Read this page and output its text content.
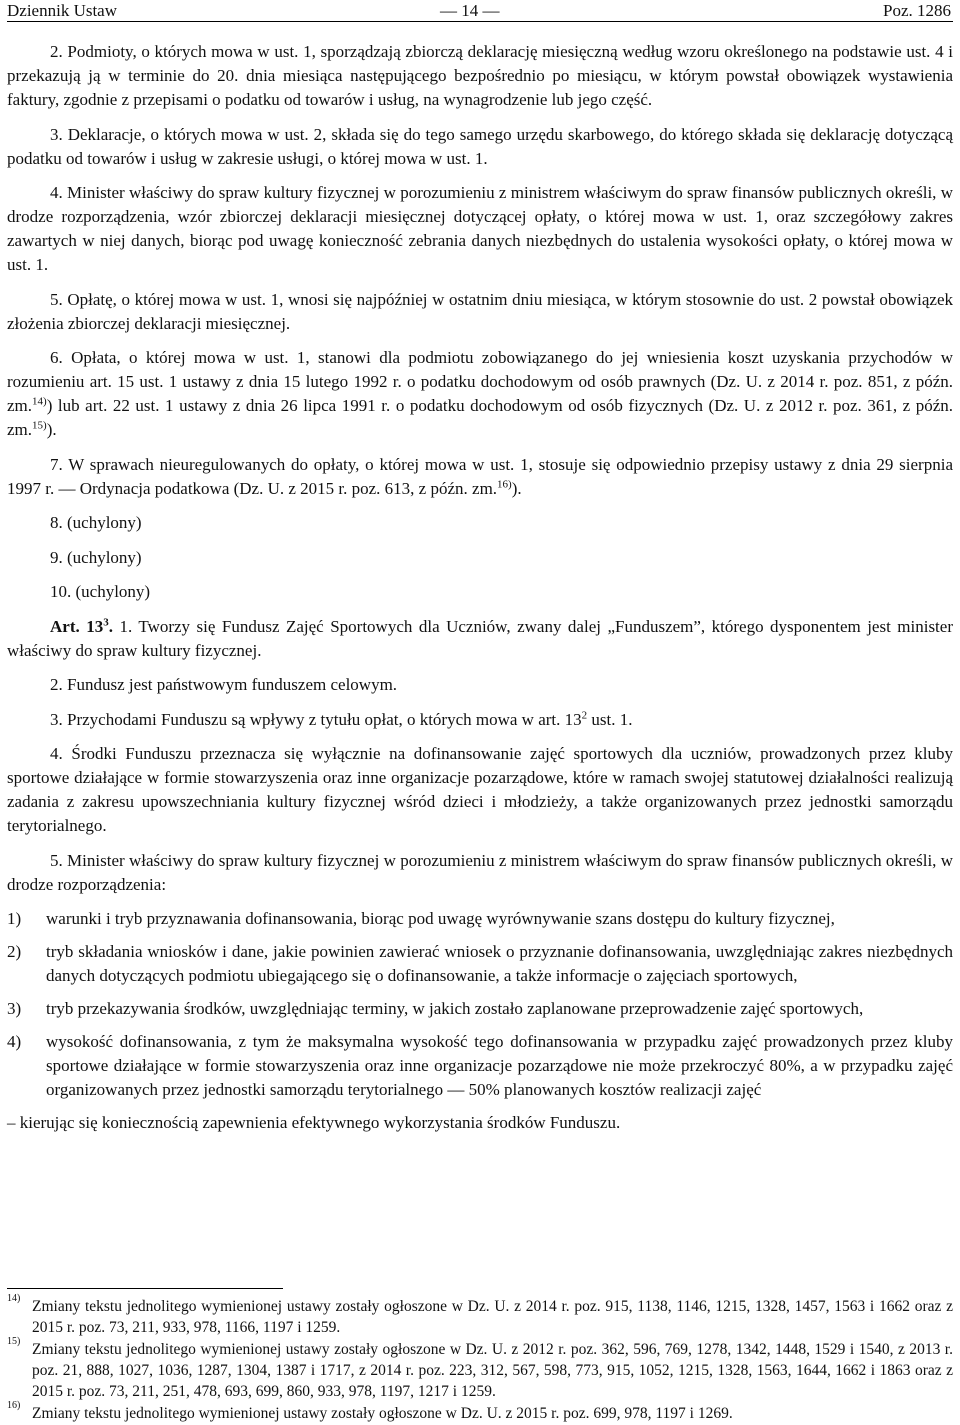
Dziennik Ustaw	— 14 —	Poz. 1286

2. Podmioty, o których mowa w ust. 1, sporządzają zbiorczą deklarację miesięczną według wzoru określonego na podstawie ust. 4 i przekazują ją w terminie do 20. dnia miesiąca następującego bezpośrednio po miesiącu, w którym powstał obowiązek wystawienia faktury, zgodnie z przepisami o podatku od towarów i usług, na wynagrodzenie lub jego część.

3. Deklaracje, o których mowa w ust. 2, składa się do tego samego urzędu skarbowego, do którego składa się deklarację dotyczącą podatku od towarów i usług w zakresie usługi, o której mowa w ust. 1.

4. Minister właściwy do spraw kultury fizycznej w porozumieniu z ministrem właściwym do spraw finansów publicznych określi, w drodze rozporządzenia, wzór zbiorczej deklaracji miesięcznej dotyczącej opłaty, o której mowa w ust. 1, oraz szczegółowy zakres zawartych w niej danych, biorąc pod uwagę konieczność zebrania danych niezbędnych do ustalenia wysokości opłaty, o której mowa w ust. 1.

5. Opłatę, o której mowa w ust. 1, wnosi się najpóźniej w ostatnim dniu miesiąca, w którym stosownie do ust. 2 powstał obowiązek złożenia zbiorczej deklaracji miesięcznej.

6. Opłata, o której mowa w ust. 1, stanowi dla podmiotu zobowiązanego do jej wniesienia koszt uzyskania przychodów w rozumieniu art. 15 ust. 1 ustawy z dnia 15 lutego 1992 r. o podatku dochodowym od osób prawnych (Dz. U. z 2014 r. poz. 851, z późn. zm.$^{14)}$) lub art. 22 ust. 1 ustawy z dnia 26 lipca 1991 r. o podatku dochodowym od osób fizycznych (Dz. U. z 2012 r. poz. 361, z późn. zm.$^{15)}$).

7. W sprawach nieuregulowanych do opłaty, o której mowa w ust. 1, stosuje się odpowiednio przepisy ustawy z dnia 29 sierpnia 1997 r. — Ordynacja podatkowa (Dz. U. z 2015 r. poz. 613, z późn. zm.$^{16)}$).

8. (uchylony)

9. (uchylony)

10. (uchylony)

Art. $13^3$. 1. Tworzy się Fundusz Zajęć Sportowych dla Uczniów, zwany dalej „Funduszem”, którego dysponentem jest minister właściwy do spraw kultury fizycznej.

2. Fundusz jest państwowym funduszem celowym.

3. Przychodami Funduszu są wpływy z tytułu opłat, o których mowa w art. $13^2$ ust. 1.

4. Środki Funduszu przeznacza się wyłącznie na dofinansowanie zajęć sportowych dla uczniów, prowadzonych przez kluby sportowe działające w formie stowarzyszenia oraz inne organizacje pozarządowe, które w ramach swojej statutowej działalności realizują zadania z zakresu upowszechniania kultury fizycznej wśród dzieci i młodzieży, a także organizowanych przez jednostki samorządu terytorialnego.

5. Minister właściwy do spraw kultury fizycznej w porozumieniu z ministrem właściwym do spraw finansów publicznych określi, w drodze rozporządzenia:

1) warunki i tryb przyznawania dofinansowania, biorąc pod uwagę wyrównywanie szans dostępu do kultury fizycznej,
2) tryb składania wniosków i dane, jakie powinien zawierać wniosek o przyznanie dofinansowania, uwzględniając zakres niezbędnych danych dotyczących podmiotu ubiegającego się o dofinansowanie, a także informacje o zajęciach sportowych,
3) tryb przekazywania środków, uwzględniając terminy, w jakich zostało zaplanowane przeprowadzenie zajęć sportowych,
4) wysokość dofinansowania, z tym że maksymalna wysokość tego dofinansowania w przypadku zajęć prowadzonych przez kluby sportowe działające w formie stowarzyszenia oraz inne organizacje pozarządowe nie może przekroczyć 80%, a w przypadku zajęć organizowanych przez jednostki samorządu terytorialnego — 50% planowanych kosztów realizacji zajęć

– kierując się koniecznością zapewnienia efektywnego wykorzystania środków Funduszu.

14) Zmiany tekstu jednolitego wymienionej ustawy zostały ogłoszone w Dz. U. z 2014 r. poz. 915, 1138, 1146, 1215, 1328, 1457, 1563 i 1662 oraz z 2015 r. poz. 73, 211, 933, 978, 1166, 1197 i 1259.
15) Zmiany tekstu jednolitego wymienionej ustawy zostały ogłoszone w Dz. U. z 2012 r. poz. 362, 596, 769, 1278, 1342, 1448, 1529 i 1540, z 2013 r. poz. 21, 888, 1027, 1036, 1287, 1304, 1387 i 1717, z 2014 r. poz. 223, 312, 567, 598, 773, 915, 1052, 1215, 1328, 1563, 1644, 1662 i 1863 oraz z 2015 r. poz. 73, 211, 251, 478, 693, 699, 860, 933, 978, 1197, 1217 i 1259.
16) Zmiany tekstu jednolitego wymienionej ustawy zostały ogłoszone w Dz. U. z 2015 r. poz. 699, 978, 1197 i 1269.
